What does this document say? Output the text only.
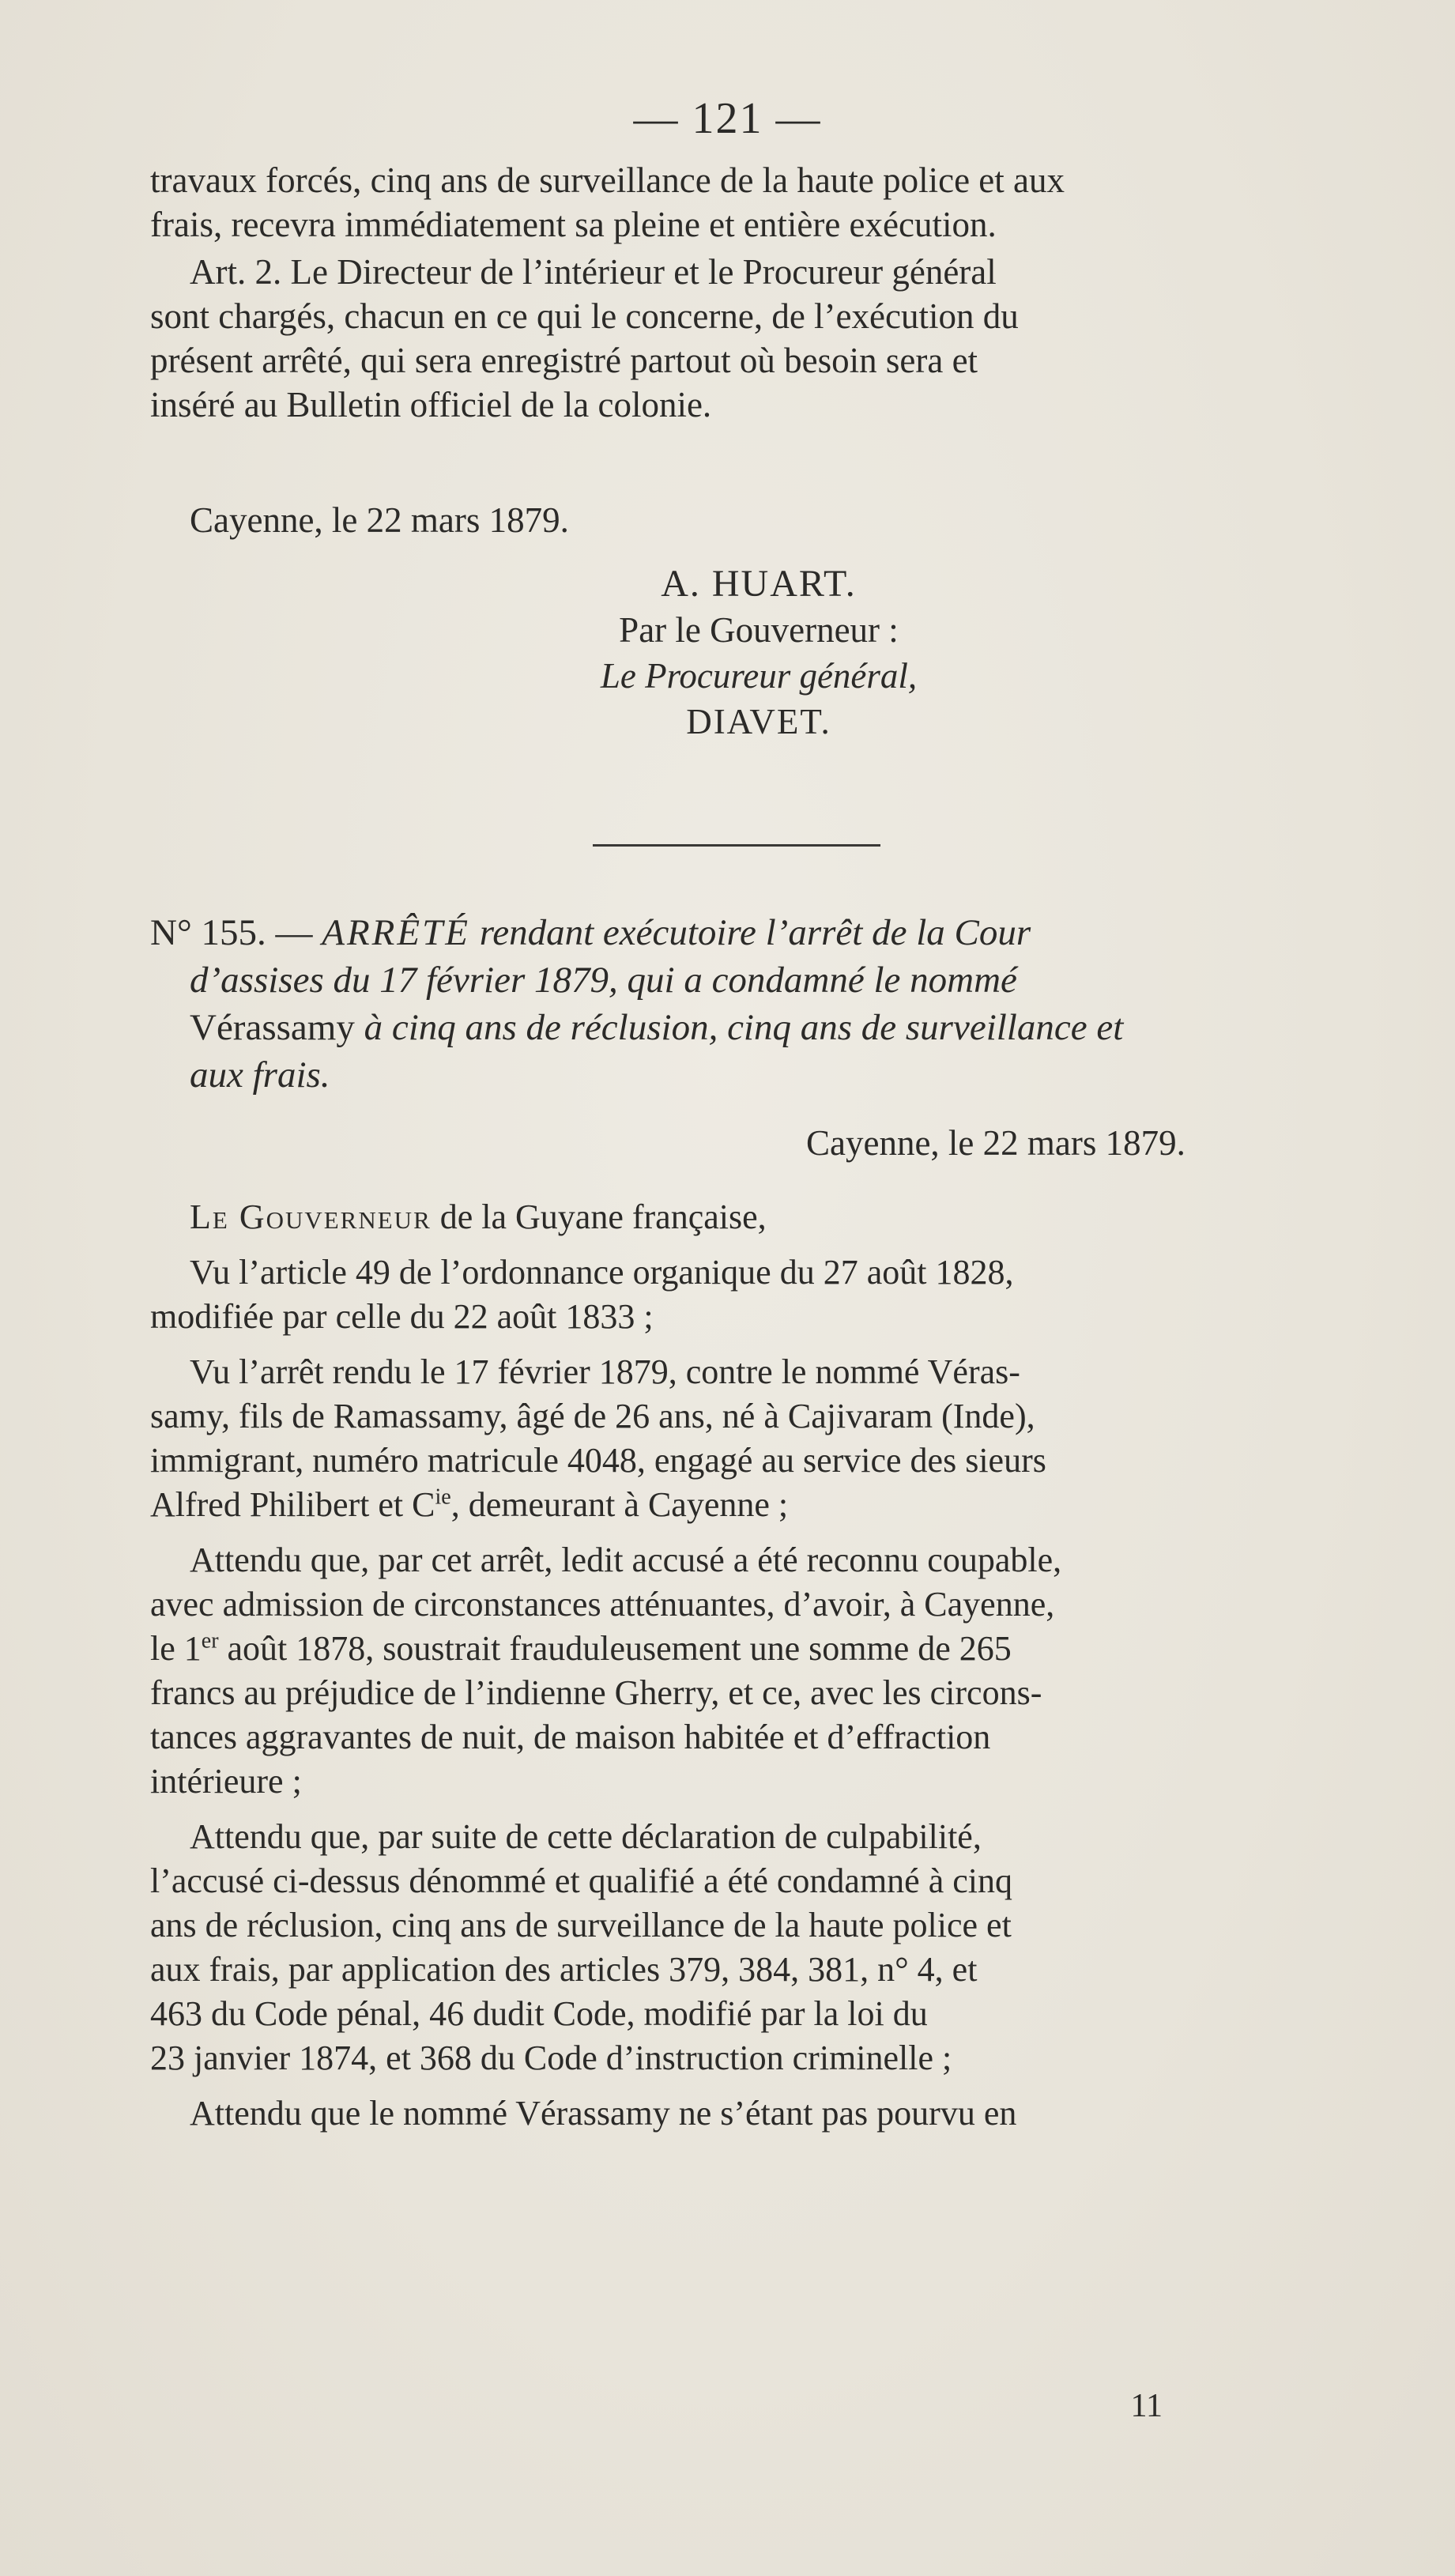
— 121 —
travaux forcés, cinq ans de surveillance de la haute police et aux
frais, recevra immédiatement sa pleine et entière exécution.
Art. 2. Le Directeur de l’intérieur et le Procureur général
sont chargés, chacun en ce qui le concerne, de l’exécution du
présent arrêté, qui sera enregistré partout où besoin sera et
inséré au Bulletin officiel de la colonie.
Cayenne, le 22 mars 1879.
A. HUART.
Par le Gouverneur :
Le Procureur général,
DIAVET.
N° 155. — ARRÊTÉ rendant exécutoire l’arrêt de la Cour
d’assises du 17 février 1879, qui a condamné le nommé
Vérassamy à cinq ans de réclusion, cinq ans de surveillance et
aux frais.
Cayenne, le 22 mars 1879.
Le Gouverneur de la Guyane française,
Vu l’article 49 de l’ordonnance organique du 27 août 1828,
modifiée par celle du 22 août 1833 ;
Vu l’arrêt rendu le 17 février 1879, contre le nommé Véras-
samy, fils de Ramassamy, âgé de 26 ans, né à Cajivaram (Inde),
immigrant, numéro matricule 4048, engagé au service des sieurs
Alfred Philibert et $C^{ie}$, demeurant à Cayenne ;
Attendu que, par cet arrêt, ledit accusé a été reconnu coupable,
avec admission de circonstances atténuantes, d’avoir, à Cayenne,
le 1er août 1878, soustrait frauduleusement une somme de 265
francs au préjudice de l’indienne Gherry, et ce, avec les circons-
tances aggravantes de nuit, de maison habitée et d’effraction
intérieure ;
Attendu que, par suite de cette déclaration de culpabilité,
l’accusé ci-dessus dénommé et qualifié a été condamné à cinq
ans de réclusion, cinq ans de surveillance de la haute police et
aux frais, par application des articles 379, 384, 381, n° 4, et
463 du Code pénal, 46 dudit Code, modifié par la loi du
23 janvier 1874, et 368 du Code d’instruction criminelle ;
Attendu que le nommé Vérassamy ne s’étant pas pourvu en
11
